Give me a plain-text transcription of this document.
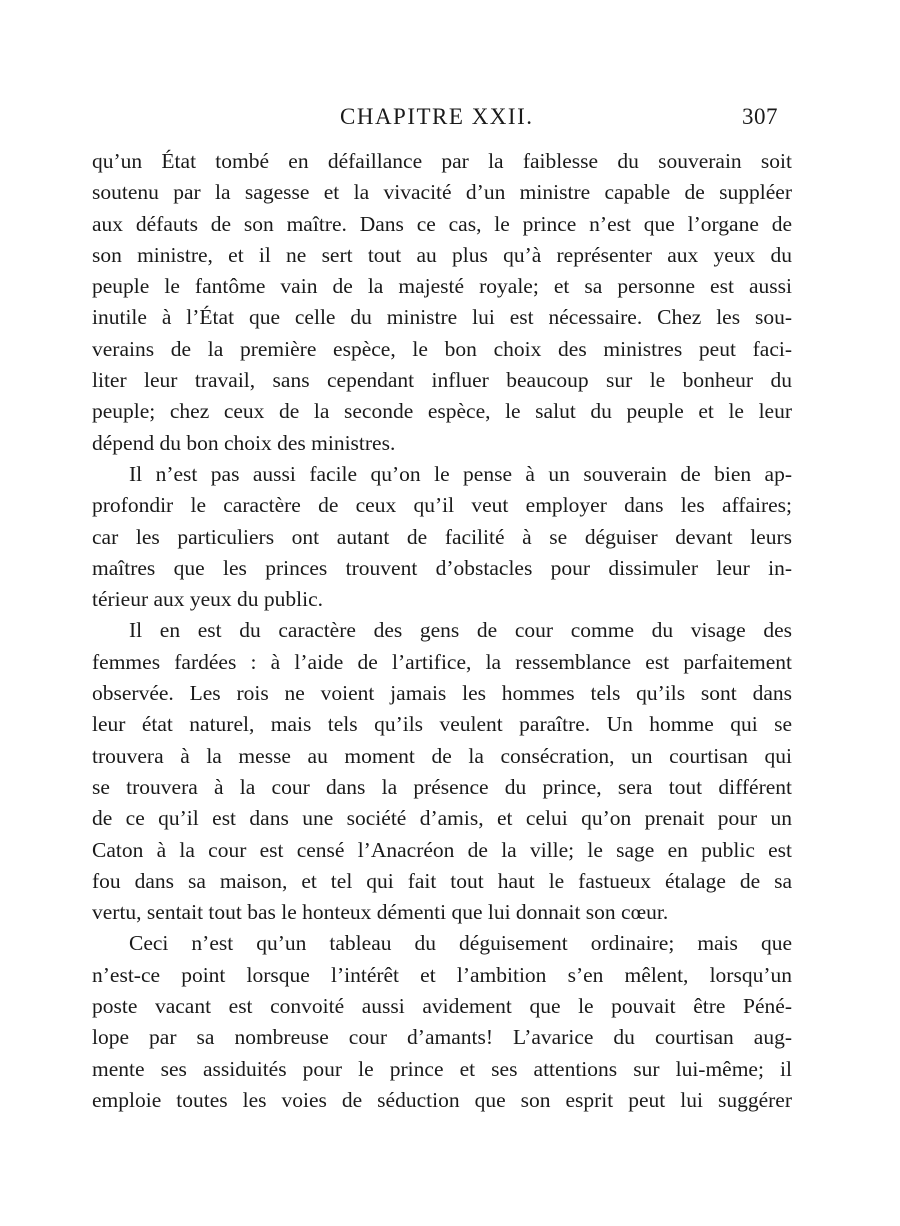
CHAPITRE XXII.	307
qu’un État tombé en défaillance par la faiblesse du souverain soit
soutenu par la sagesse et la vivacité d’un ministre capable de suppléer
aux défauts de son maître. Dans ce cas, le prince n’est que l’organe de
son ministre, et il ne sert tout au plus qu’à représenter aux yeux du
peuple le fantôme vain de la majesté royale; et sa personne est aussi
inutile à l’État que celle du ministre lui est nécessaire. Chez les sou-
verains de la première espèce, le bon choix des ministres peut faci-
liter leur travail, sans cependant influer beaucoup sur le bonheur du
peuple; chez ceux de la seconde espèce, le salut du peuple et le leur
dépend du bon choix des ministres.
Il n’est pas aussi facile qu’on le pense à un souverain de bien ap-
profondir le caractère de ceux qu’il veut employer dans les affaires;
car les particuliers ont autant de facilité à se déguiser devant leurs
maîtres que les princes trouvent d’obstacles pour dissimuler leur in-
térieur aux yeux du public.
Il en est du caractère des gens de cour comme du visage des
femmes fardées : à l’aide de l’artifice, la ressemblance est parfaitement
observée. Les rois ne voient jamais les hommes tels qu’ils sont dans
leur état naturel, mais tels qu’ils veulent paraître. Un homme qui se
trouvera à la messe au moment de la consécration, un courtisan qui
se trouvera à la cour dans la présence du prince, sera tout différent
de ce qu’il est dans une société d’amis, et celui qu’on prenait pour un
Caton à la cour est censé l’Anacréon de la ville; le sage en public est
fou dans sa maison, et tel qui fait tout haut le fastueux étalage de sa
vertu, sentait tout bas le honteux démenti que lui donnait son cœur.
Ceci n’est qu’un tableau du déguisement ordinaire; mais que
n’est-ce point lorsque l’intérêt et l’ambition s’en mêlent, lorsqu’un
poste vacant est convoité aussi avidement que le pouvait être Péné-
lope par sa nombreuse cour d’amants! L’avarice du courtisan aug-
mente ses assiduités pour le prince et ses attentions sur lui-même; il
emploie toutes les voies de séduction que son esprit peut lui suggérer
